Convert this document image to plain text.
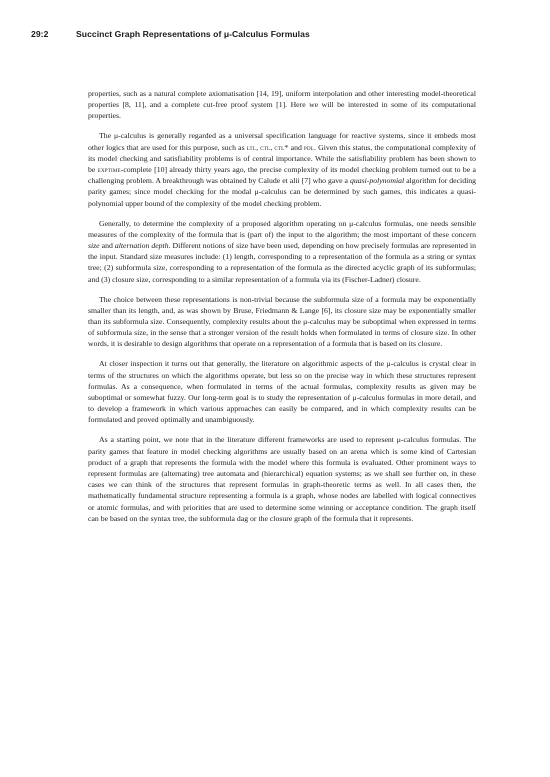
29:2	Succinct Graph Representations of μ-Calculus Formulas

properties, such as a natural complete axiomatisation [14, 19], uniform interpolation and other interesting model-theoretical properties [8, 11], and a complete cut-free proof system [1]. Here we will be interested in some of its computational properties.

The μ-calculus is generally regarded as a universal specification language for reactive systems, since it embeds most other logics that are used for this purpose, such as ltl, ctl, ctl* and pdl. Given this status, the computational complexity of its model checking and satisfiability problems is of central importance. While the satisfiability problem has been shown to be exptime-complete [10] already thirty years ago, the precise complexity of its model checking problem turned out to be a challenging problem. A breakthrough was obtained by Calude et alii [7] who gave a quasi-polynomial algorithm for deciding parity games; since model checking for the modal μ-calculus can be determined by such games, this indicates a quasi-polynomial upper bound of the complexity of the model checking problem.

Generally, to determine the complexity of a proposed algorithm operating on μ-calculus formulas, one needs sensible measures of the complexity of the formula that is (part of) the input to the algorithm; the most important of these concern size and alternation depth. Different notions of size have been used, depending on how precisely formulas are represented in the input. Standard size measures include: (1) length, corresponding to a representation of the formula as a string or syntax tree; (2) subformula size, corresponding to a representation of the formula as the directed acyclic graph of its subformulas; and (3) closure size, corresponding to a similar representation of a formula via its (Fischer-Ladner) closure.

The choice between these representations is non-trivial because the subformula size of a formula may be exponentially smaller than its length, and, as was shown by Bruse, Friedmann & Lange [6], its closure size may be exponentially smaller than its subformula size. Consequently, complexity results about the μ-calculus may be suboptimal when expressed in terms of subformula size, in the sense that a stronger version of the result holds when formulated in terms of closure size. In other words, it is desirable to design algorithms that operate on a representation of a formula that is based on its closure.

At closer inspection it turns out that generally, the literature on algorithmic aspects of the μ-calculus is crystal clear in terms of the structures on which the algorithms operate, but less so on the precise way in which these structures represent formulas. As a consequence, when formulated in terms of the actual formulas, complexity results as given may be suboptimal or somewhat fuzzy. Our long-term goal is to study the representation of μ-calculus formulas in more detail, and to develop a framework in which various approaches can easily be compared, and in which complexity results can be formulated and proved optimally and unambiguously.

As a starting point, we note that in the literature different frameworks are used to represent μ-calculus formulas. The parity games that feature in model checking algorithms are usually based on an arena which is some kind of Cartesian product of a graph that represents the formula with the model where this formula is evaluated. Other prominent ways to represent formulas are (alternating) tree automata and (hierarchical) equation systems; as we shall see further on, in these cases we can think of the structures that represent formulas in graph-theoretic terms as well. In all cases then, the mathematically fundamental structure representing a formula is a graph, whose nodes are labelled with logical connectives or atomic formulas, and with priorities that are used to determine some winning or acceptance condition. The graph itself can be based on the syntax tree, the subformula dag or the closure graph of the formula that it represents.
